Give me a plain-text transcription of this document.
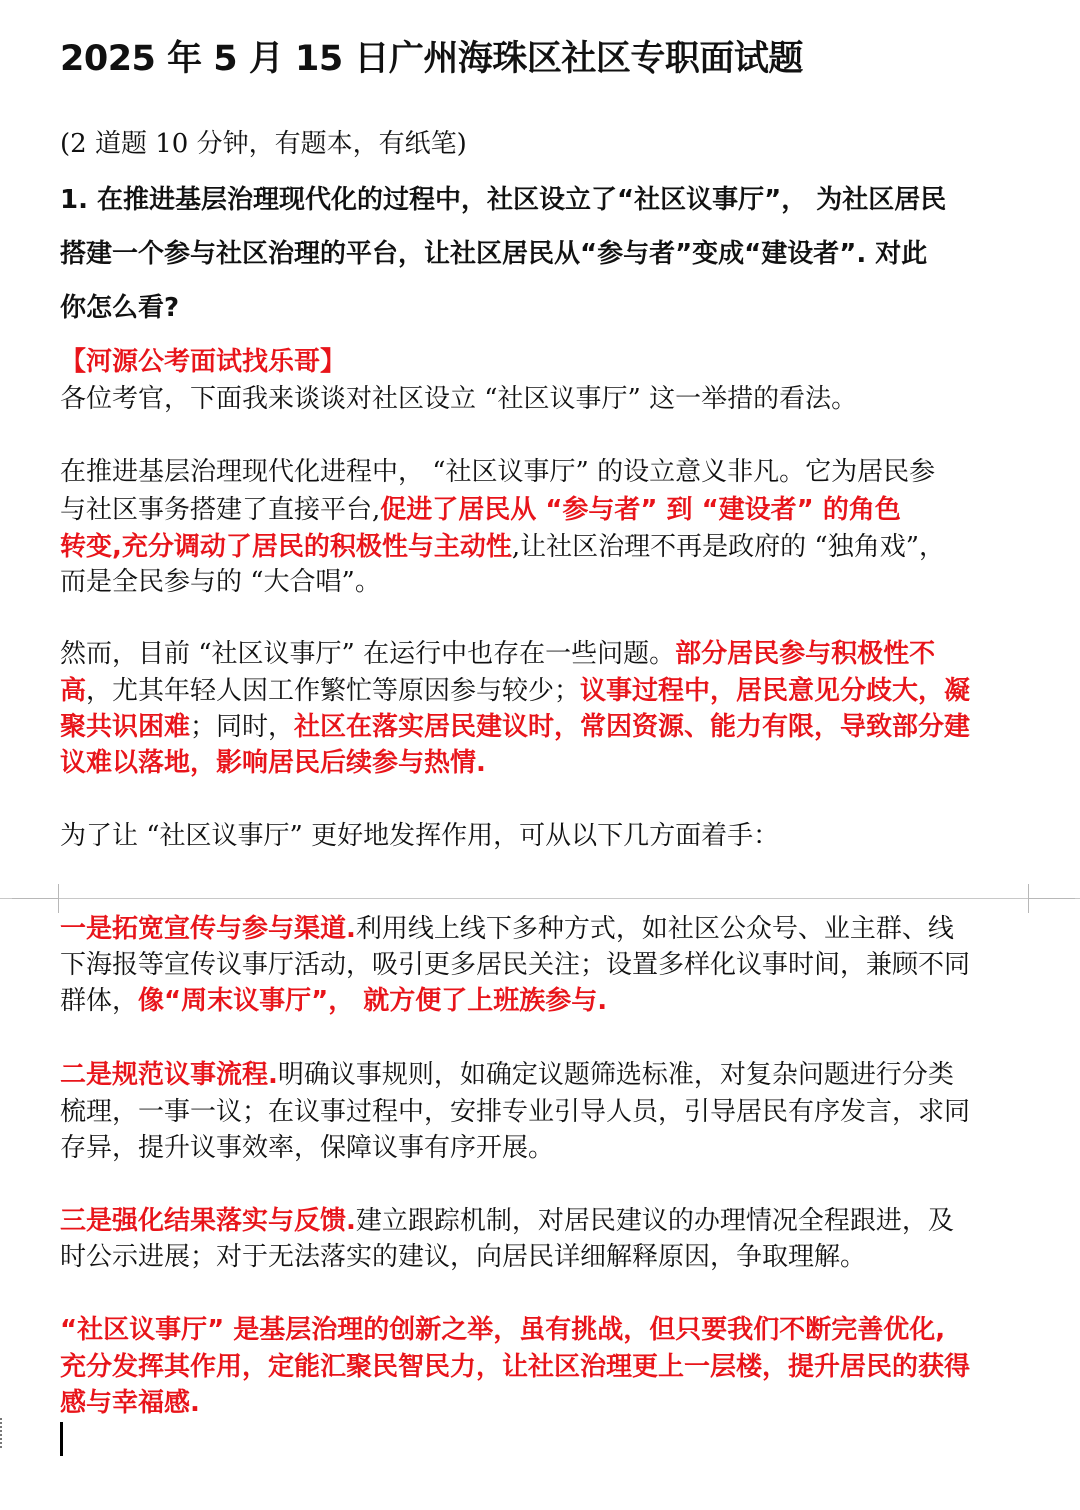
2025 年 5 月 15 日广州海珠区社区专职面试题
(2 道题 10 分钟，有题本，有纸笔)
1. 在推进基层治理现代化的过程中，社区设立了“社区议事厅”， 为社区居民
搭建一个参与社区治理的平台，让社区居民从“参与者”变成“建设者”. 对此
你怎么看?
【河源公考面试找乐哥】
各位考官，下面我来谈谈对社区设立 “社区议事厅” 这一举措的看法。
在推进基层治理现代化进程中， “社区议事厅” 的设立意义非凡。它为居民参
与社区事务搭建了直接平台,促进了居民从 “参与者” 到 “建设者” 的角色
转变,充分调动了居民的积极性与主动性,让社区治理不再是政府的 “独角戏”，
而是全民参与的 “大合唱”。
然而，目前 “社区议事厅” 在运行中也存在一些问题。部分居民参与积极性不
高，尤其年轻人因工作繁忙等原因参与较少；议事过程中，居民意见分歧大，凝
聚共识困难；同时，社区在落实居民建议时，常因资源、能力有限，导致部分建
议难以落地，影响居民后续参与热情.
为了让 “社区议事厅” 更好地发挥作用，可从以下几方面着手：
一是拓宽宣传与参与渠道.利用线上线下多种方式，如社区公众号、业主群、线
下海报等宣传议事厅活动，吸引更多居民关注；设置多样化议事时间，兼顾不同
群体，像“周末议事厅”， 就方便了上班族参与.
二是规范议事流程.明确议事规则，如确定议题筛选标准，对复杂问题进行分类
梳理，一事一议；在议事过程中，安排专业引导人员，引导居民有序发言，求同
存异，提升议事效率，保障议事有序开展。
三是强化结果落实与反馈.建立跟踪机制，对居民建议的办理情况全程跟进，及
时公示进展；对于无法落实的建议，向居民详细解释原因，争取理解。
“社区议事厅” 是基层治理的创新之举，虽有挑战，但只要我们不断完善优化,
充分发挥其作用，定能汇聚民智民力，让社区治理更上一层楼，提升居民的获得
感与幸福感.
